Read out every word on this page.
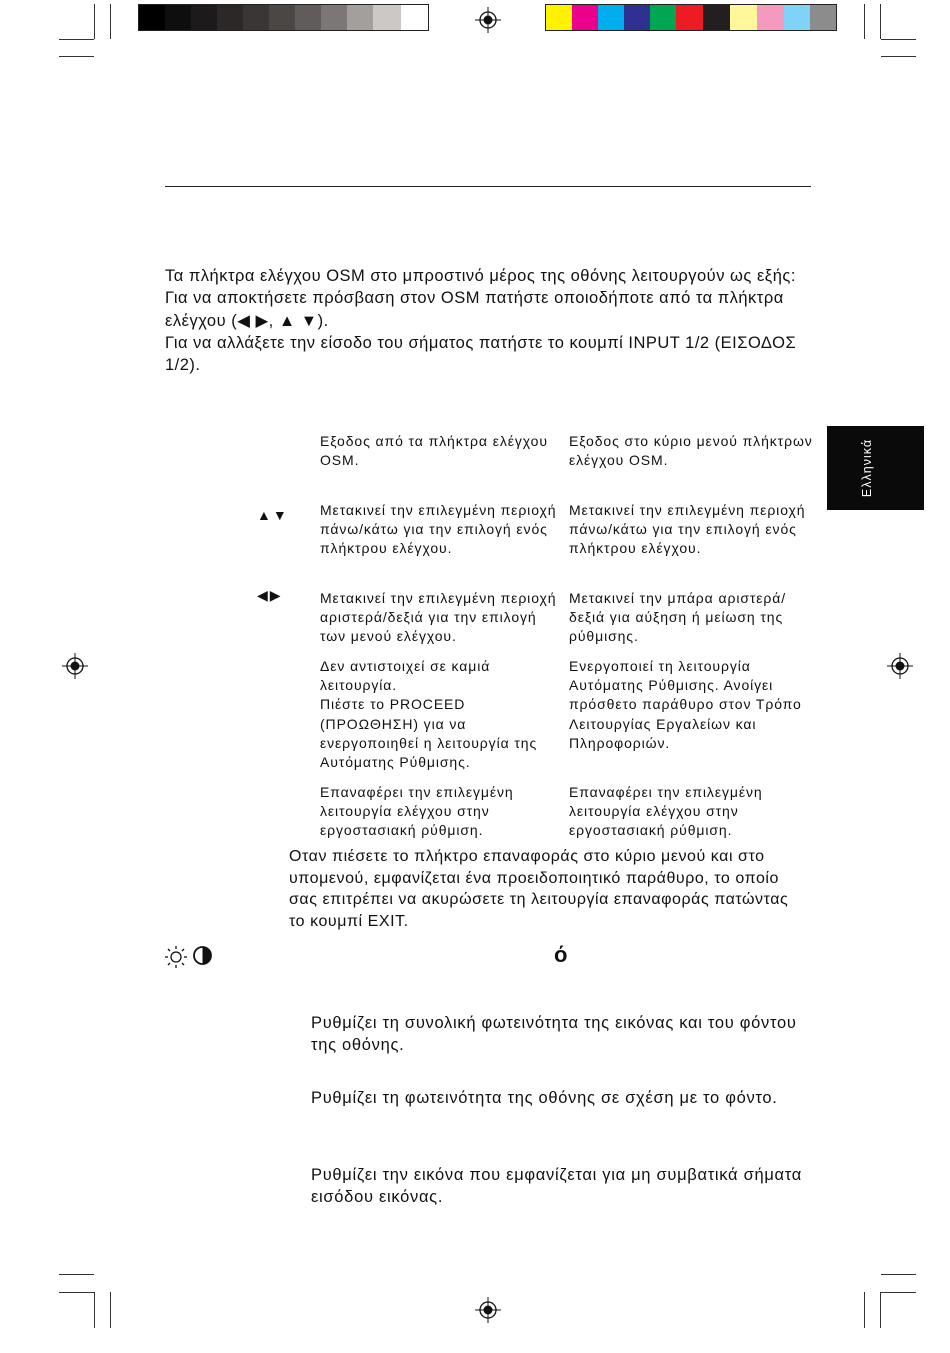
Τα πλήκτρα ελέγχου OSM στο μπροστινό μέρος της οθόνης λειτουργούν ως εξής:

Για να αποκτήσετε πρόσβαση στον OSM πατήστε οποιοδήποτε από τα πλήκτρα ελέγχου (◀ ▶, ▲ ▼).

Για να αλλάξετε την είσοδο του σήματος πατήστε το κουμπί INPUT 1/2 (ΕΙΣΟΔΟΣ 1/2).

Ελληνικά
Εξοδος από τα πλήκτρα ελέγχου OSM.
Εξοδος στο κύριο μενού πλήκτρων ελέγχου OSM.
▲▼ Μετακινεί την επιλεγμένη περιοχή πάνω/κάτω για την επιλογή ενός πλήκτρου ελέγχου.
Μετακινεί την επιλεγμένη περιοχή πάνω/κάτω για την επιλογή ενός πλήκτρου ελέγχου.
◀▶	Μετακινεί την επιλεγμένη περιοχή αριστερά/δεξιά για την επιλογή των μενού ελέγχου.
Μετακινεί την μπάρα αριστερά/δεξιά για αύξηση ή μείωση της ρύθμισης.
Δεν αντιστοιχεί σε καμιά λειτουργία.
Πιέστε το PROCEED (ΠΡΟΩΘΗΣΗ) για να ενεργοποιηθεί η λειτουργία της Αυτόματης Ρύθμισης.
Ενεργοποιεί τη λειτουργία Αυτόματης Ρύθμισης. Ανοίγει πρόσθετο παράθυρο στον Τρόπο Λειτουργίας Εργαλείων και Πληροφοριών.
Επαναφέρει την επιλεγμένη λειτουργία ελέγχου στην εργοστασιακή ρύθμιση.
Επαναφέρει την επιλεγμένη λειτουργία ελέγχου στην εργοστασιακή ρύθμιση.
Οταν πιέσετε το πλήκτρο επαναφοράς στο κύριο μενού και στο υπομενού, εμφανίζεται ένα προειδοποιητικό παράθυρο, το οποίο σας επιτρέπει να ακυρώσετε τη λειτουργία επαναφοράς πατώντας το κουμπί EXIT.
ό
Ρυθμίζει τη συνολική φωτεινότητα της εικόνας και του φόντου της οθόνης.
Ρυθμίζει τη φωτεινότητα της οθόνης σε σχέση με το φόντο.
Ρυθμίζει την εικόνα που εμφανίζεται για μη συμβατικά σήματα εισόδου εικόνας.
